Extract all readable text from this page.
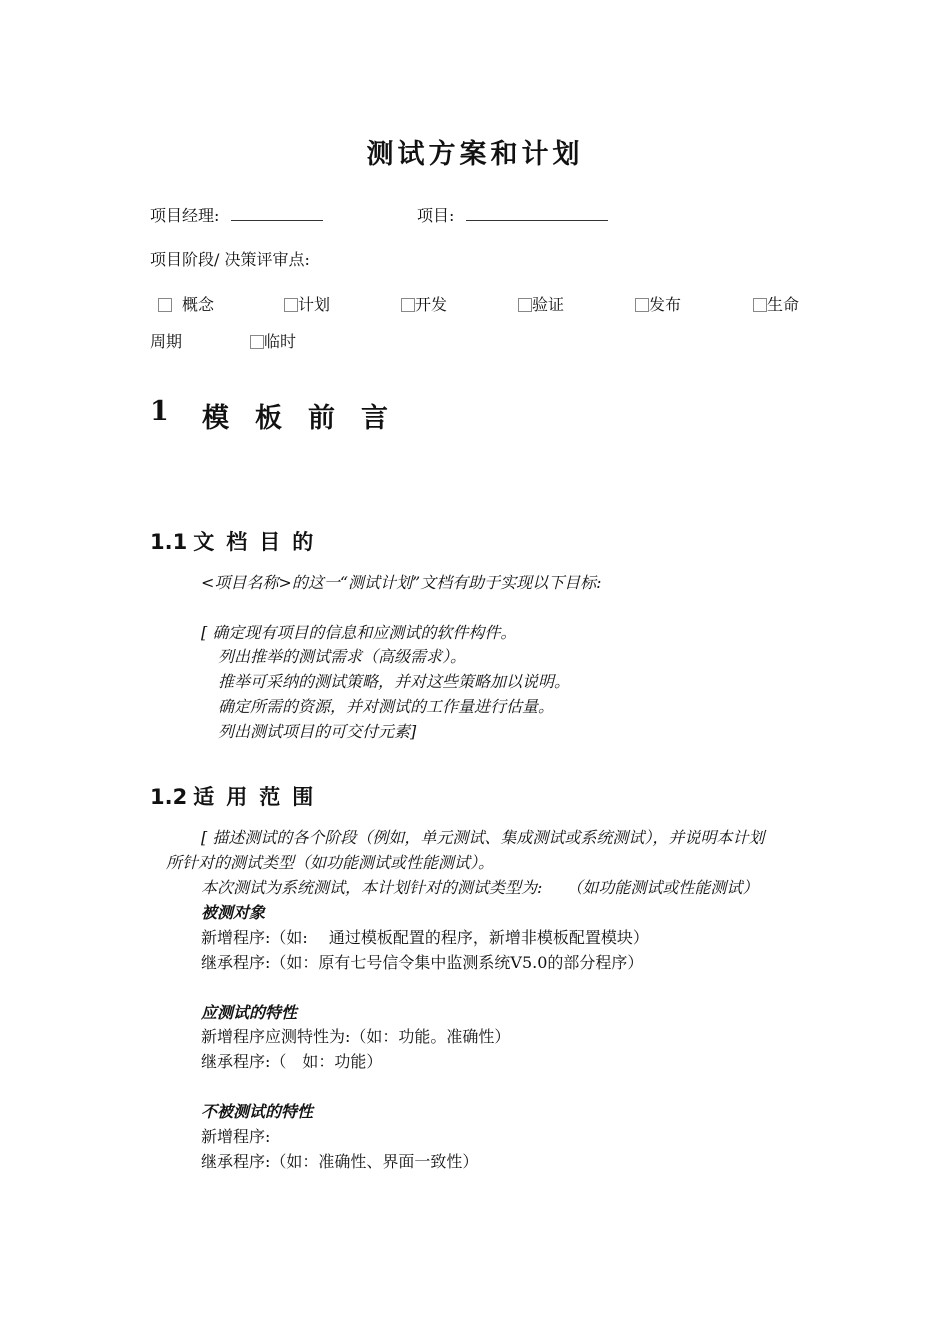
测试方案和计划
项目经理:	项目:
项目阶段/ 决策评审点:
概念	计划	开发	验证	发布	生命
周期	临时
1 模板前言
1.1 文档目的
<项目名称>的这一“测试计划”文档有助于实现以下目标:
[ 确定现有项目的信息和应测试的软件构件。
列出推举的测试需求（高级需求）。
推举可采纳的测试策略，并对这些策略加以说明。
确定所需的资源，并对测试的工作量进行估量。
列出测试项目的可交付元素]
1.2 适用范围
[ 描述测试的各个阶段（例如，单元测试、集成测试或系统测试），并说明本计划
所针对的测试类型（如功能测试或性能测试）。
本次测试为系统测试，本计划针对的测试类型为:　　（如功能测试或性能测试）
被测对象
新增程序:（如:　 通过模板配置的程序，新增非模板配置模块）
继承程序:（如：原有七号信令集中监测系统V5.0的部分程序）
应测试的特性
新增程序应测特性为:（如：功能。准确性）
继承程序:（　如：功能）
不被测试的特性
新增程序:
继承程序:（如：准确性、界面一致性）
